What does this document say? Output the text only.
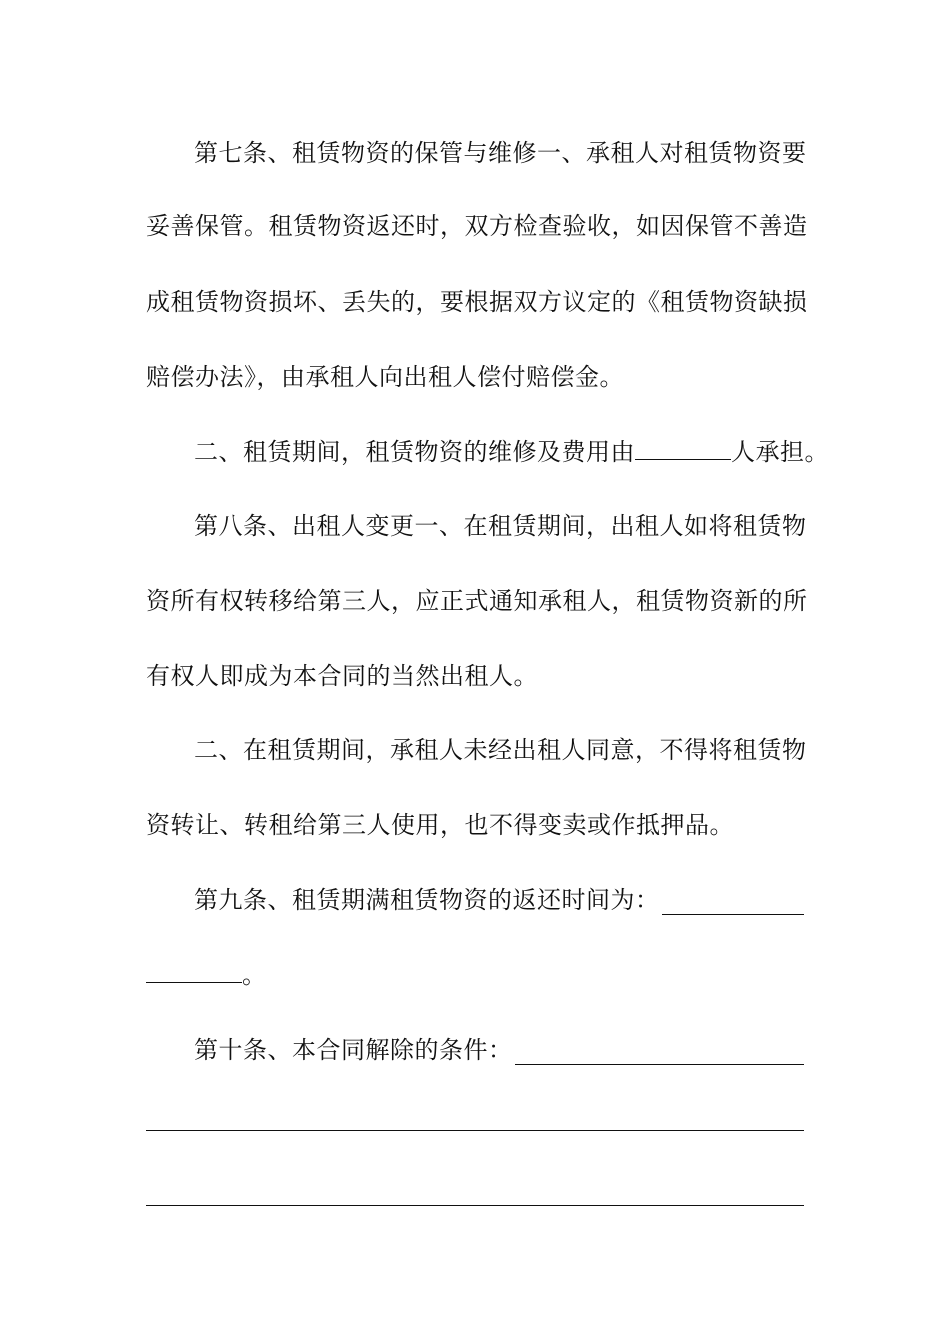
第七条、租赁物资的保管与维修一、承租人对租赁物资要
妥善保管。租赁物资返还时，双方检查验收，如因保管不善造
成租赁物资损坏、丢失的，要根据双方议定的《租赁物资缺损
赔偿办法》，由承租人向出租人偿付赔偿金。
二、租赁期间，租赁物资的维修及费用由	人承担。
第八条、出租人变更一、在租赁期间，出租人如将租赁物
资所有权转移给第三人，应正式通知承租人，租赁物资新的所
有权人即成为本合同的当然出租人。
二、在租赁期间，承租人未经出租人同意，不得将租赁物
资转让、转租给第三人使用，也不得变卖或作抵押品。
第九条、租赁期满租赁物资的返还时间为：
。
第十条、本合同解除的条件：
